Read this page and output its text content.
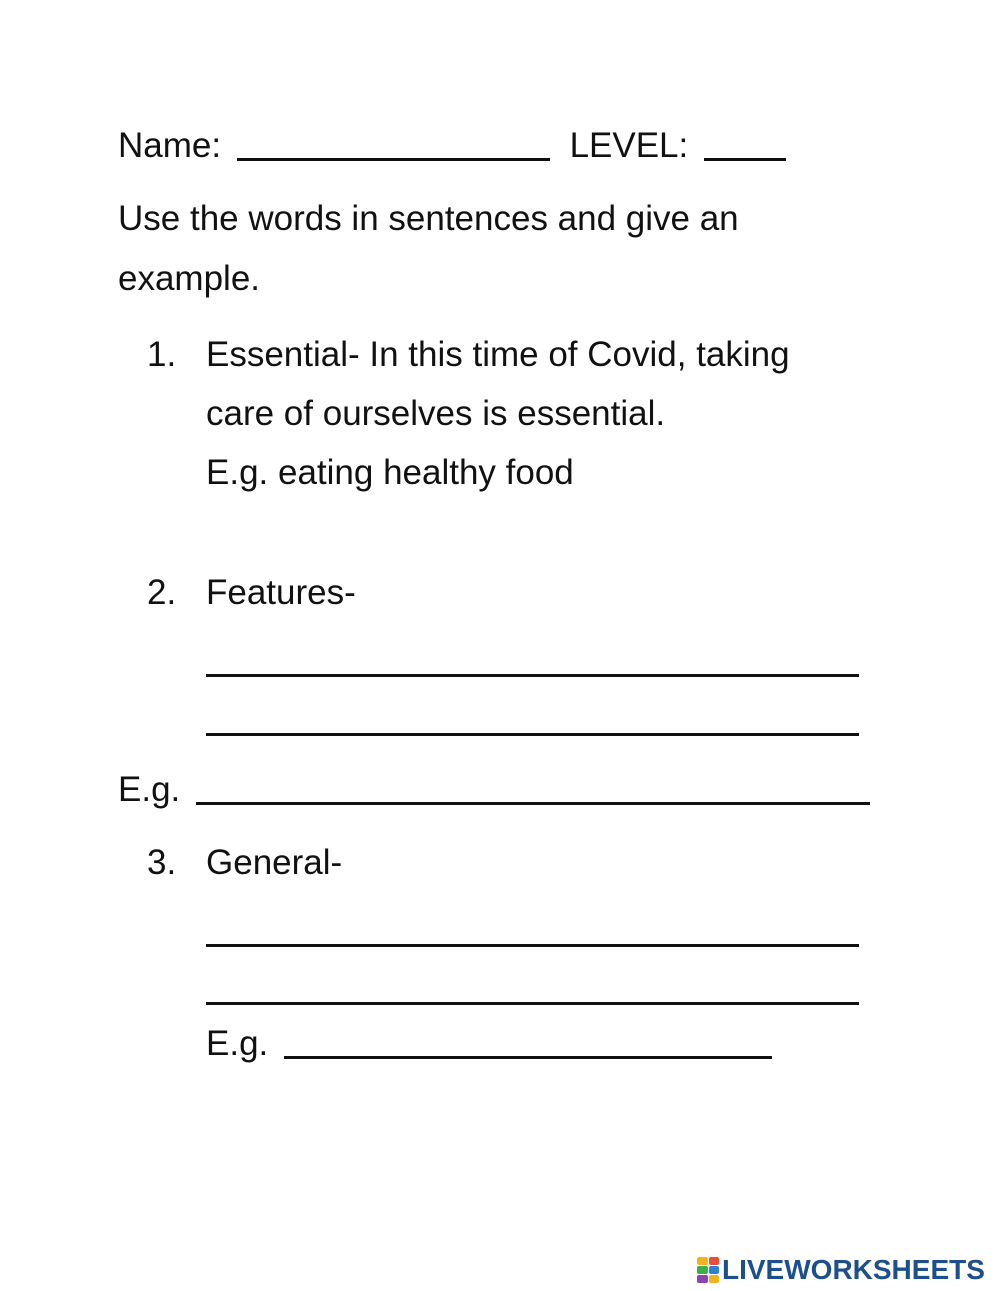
Name:	LEVEL:
Use the words in sentences and give an
example.
1. Essential- In this time of Covid, taking
care of ourselves is essential.
E.g. eating healthy food
2. Features-
E.g.
3. General-
E.g.
LIVEWORKSHEETS
